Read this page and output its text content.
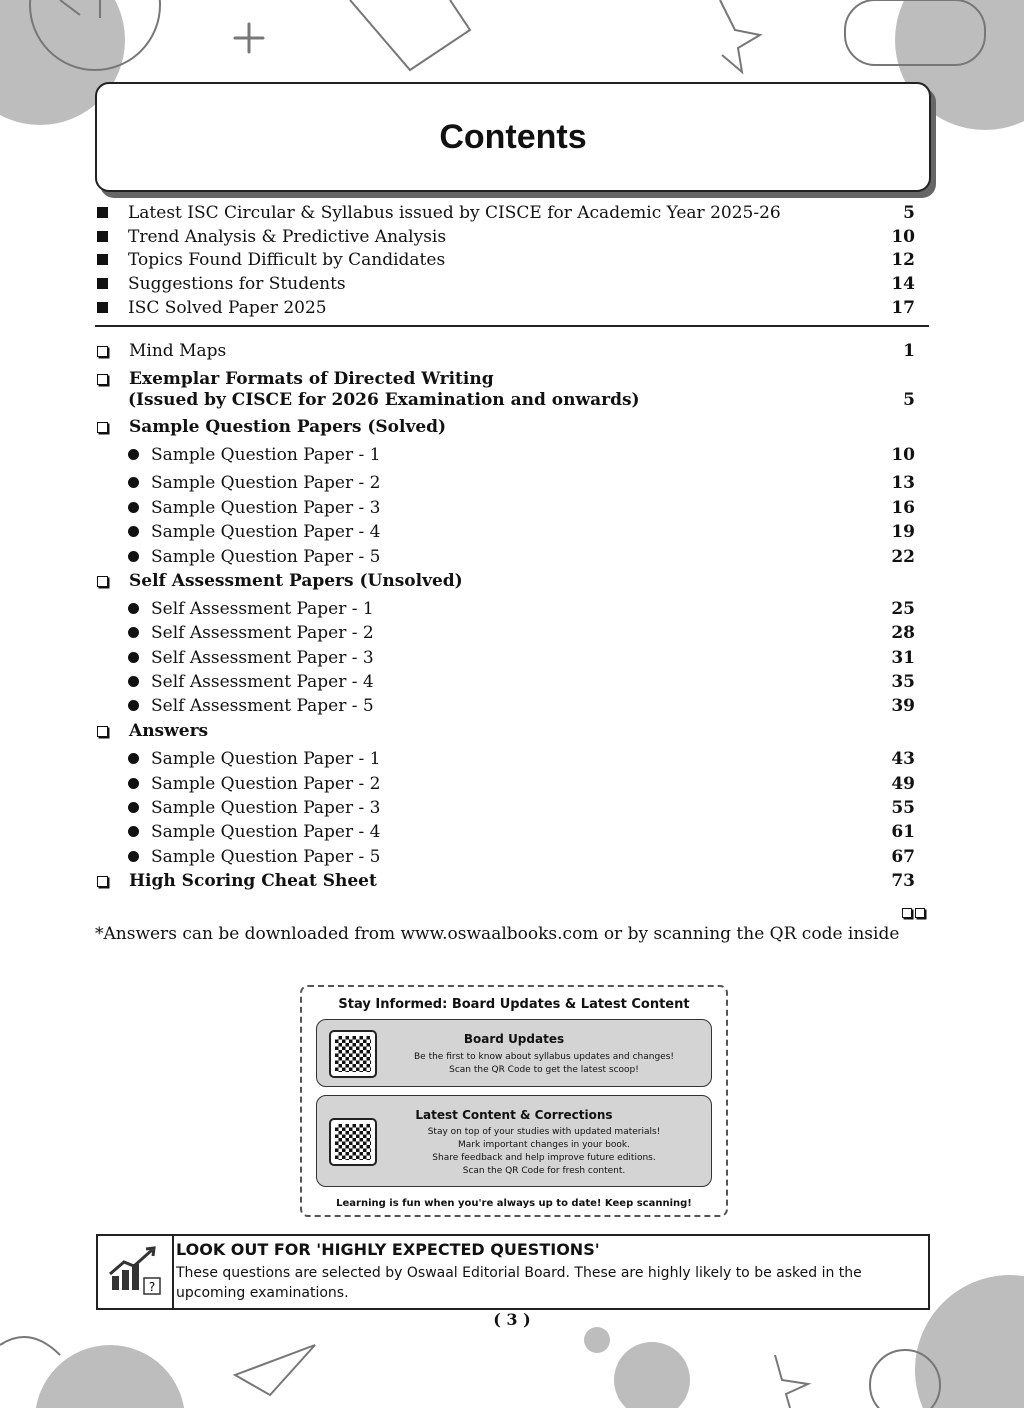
Contents
Latest ISC Circular & Syllabus issued by CISCE for Academic Year 2025-26	5
Trend Analysis & Predictive Analysis	10
Topics Found Difficult by Candidates	12
Suggestions for Students	14
ISC Solved Paper 2025	17
Mind Maps	1
Exemplar Formats of Directed Writing
(Issued by CISCE for 2026 Examination and onwards)	5
Sample Question Papers (Solved)
Sample Question Paper - 1	10
Sample Question Paper - 2	13
Sample Question Paper - 3	16
Sample Question Paper - 4	19
Sample Question Paper - 5	22
Self Assessment Papers (Unsolved)
Self Assessment Paper - 1	25
Self Assessment Paper - 2	28
Self Assessment Paper - 3	31
Self Assessment Paper - 4	35
Self Assessment Paper - 5	39
Answers
Sample Question Paper - 1	43
Sample Question Paper - 2	49
Sample Question Paper - 3	55
Sample Question Paper - 4	61
Sample Question Paper - 5	67
High Scoring Cheat Sheet	73
*Answers can be downloaded from www.oswaalbooks.com or by scanning the QR code inside
Stay Informed: Board Updates & Latest Content
Board Updates
Be the first to know about syllabus updates and changes!
Scan the QR Code to get the latest scoop!
Latest Content & Corrections
Stay on top of your studies with updated materials!
Mark important changes in your book.
Share feedback and help improve future editions.
Scan the QR Code for fresh content.
Learning is fun when you're always up to date! Keep scanning!
?
LOOK OUT FOR 'HIGHLY EXPECTED QUESTIONS'
These questions are selected by Oswaal Editorial Board. These are highly likely to be asked in the upcoming examinations.
( 3 )
